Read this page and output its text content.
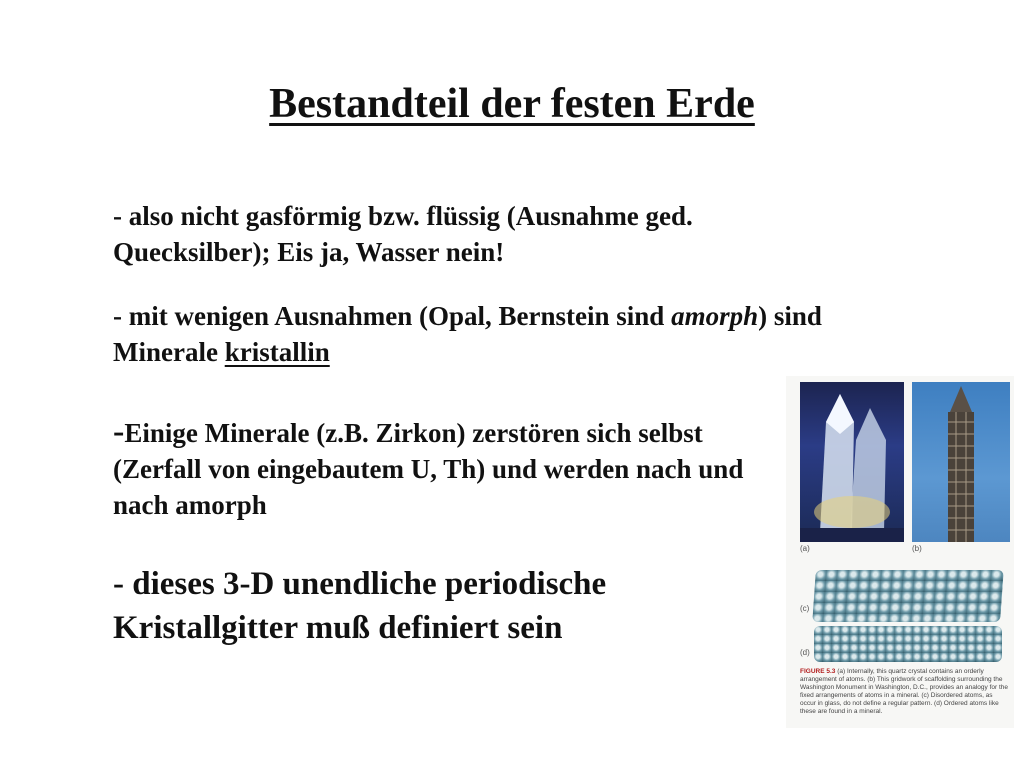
Bestandteil der festen Erde

- also nicht gasförmig bzw. flüssig (Ausnahme ged. Quecksilber); Eis ja, Wasser nein!

- mit wenigen Ausnahmen (Opal, Bernstein sind amorph) sind Minerale kristallin

-Einige Minerale (z.B. Zirkon) zerstören sich selbst (Zerfall von eingebautem U, Th) und werden nach und nach amorph

- dieses 3-D unendliche periodische Kristallgitter muß definiert sein

(a)	(b)
(c)
(d)
FIGURE 5.3 (a) Internally, this quartz crystal contains an orderly arrangement of atoms. (b) This gridwork of scaffolding surrounding the Washington Monument in Washington, D.C., provides an analogy for the fixed arrangements of atoms in a mineral. (c) Disordered atoms, as occur in glass, do not define a regular pattern. (d) Ordered atoms like these are found in a mineral.
